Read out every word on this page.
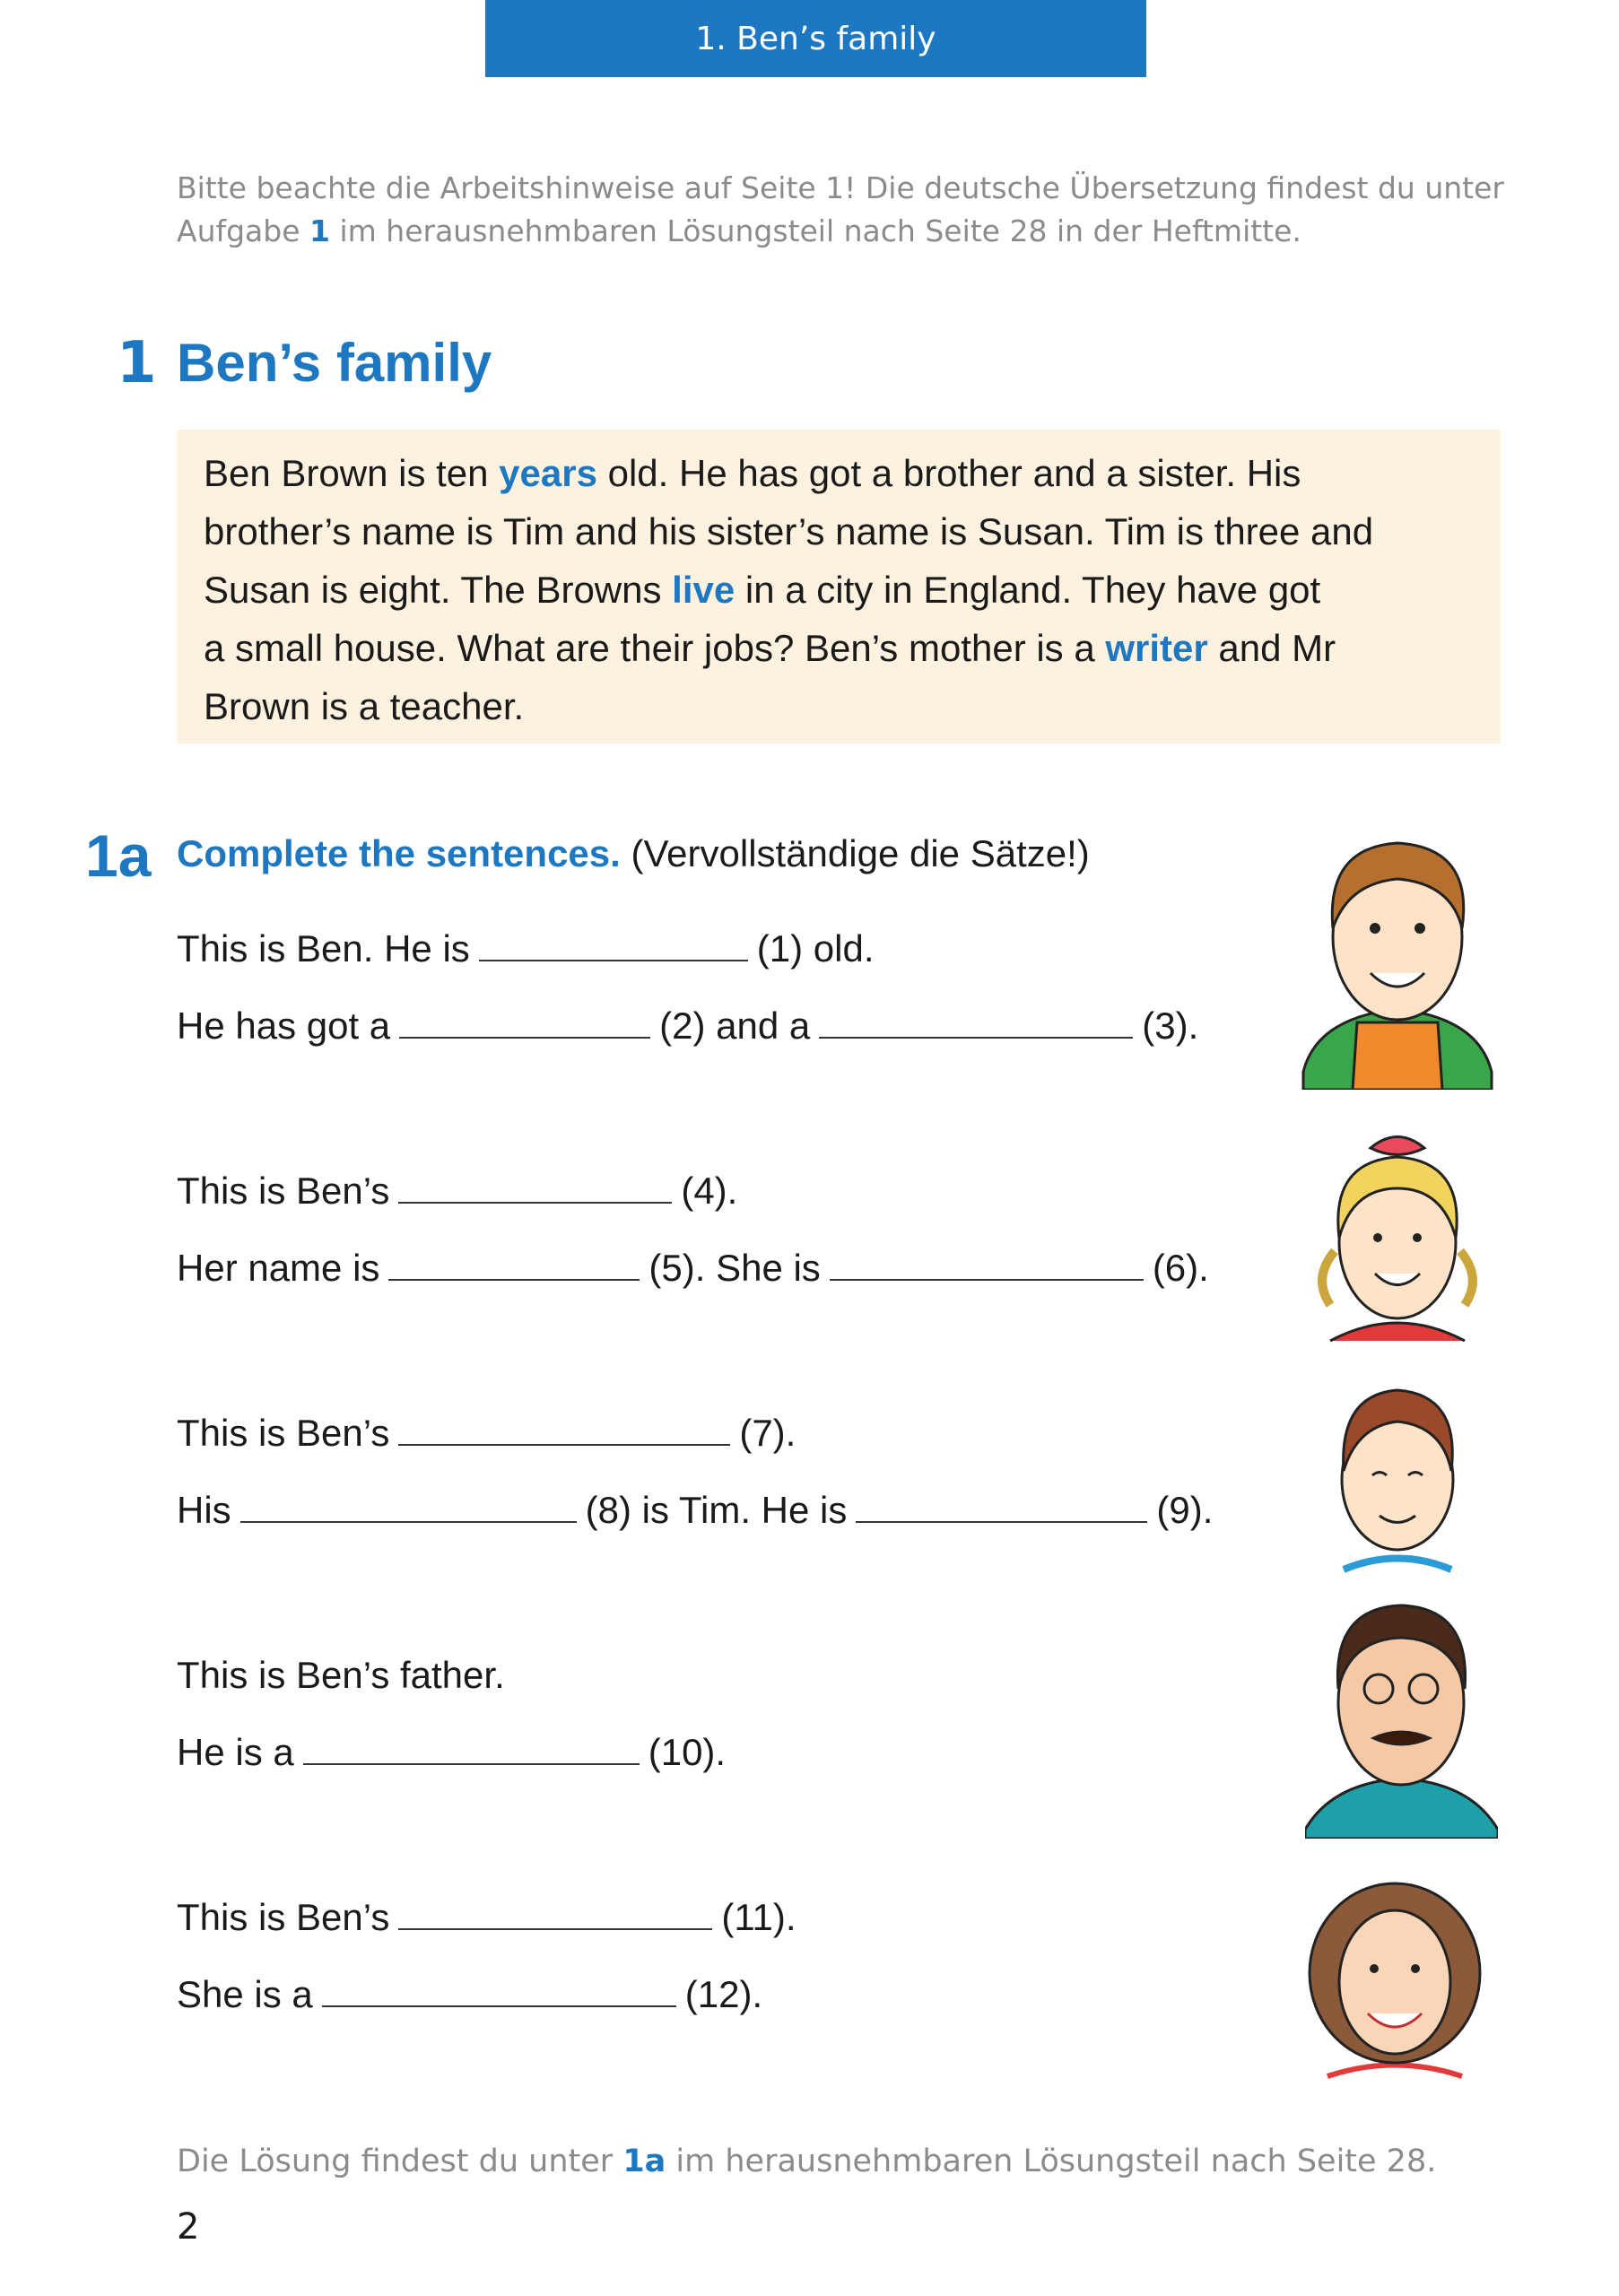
1. Ben’s family
Bitte beachte die Arbeitshinweise auf Seite 1! Die deutsche Übersetzung findest du unter
Aufgabe 1 im herausnehmbaren Lösungsteil nach Seite 28 in der Heftmitte.
1 Ben’s family
Ben Brown is ten years old. He has got a brother and a sister. His
brother’s name is Tim and his sister’s name is Susan. Tim is three and
Susan is eight. The Browns live in a city in England. They have got
a small house. What are their jobs? Ben’s mother is a writer and Mr
Brown is a teacher.
1a Complete the sentences. (Vervollständige die Sätze!)
This is Ben. He is	(1) old.
He has got a	(2) and a	(3).
This is Ben’s	(4).
Her name is	(5). She is	(6).
This is Ben’s	(7).
His	(8) is Tim. He is	(9).
This is Ben’s father.
He is a	(10).
This is Ben’s	(11).
She is a	(12).
Die Lösung findest du unter 1a im herausnehmbaren Lösungsteil nach Seite 28.
2
